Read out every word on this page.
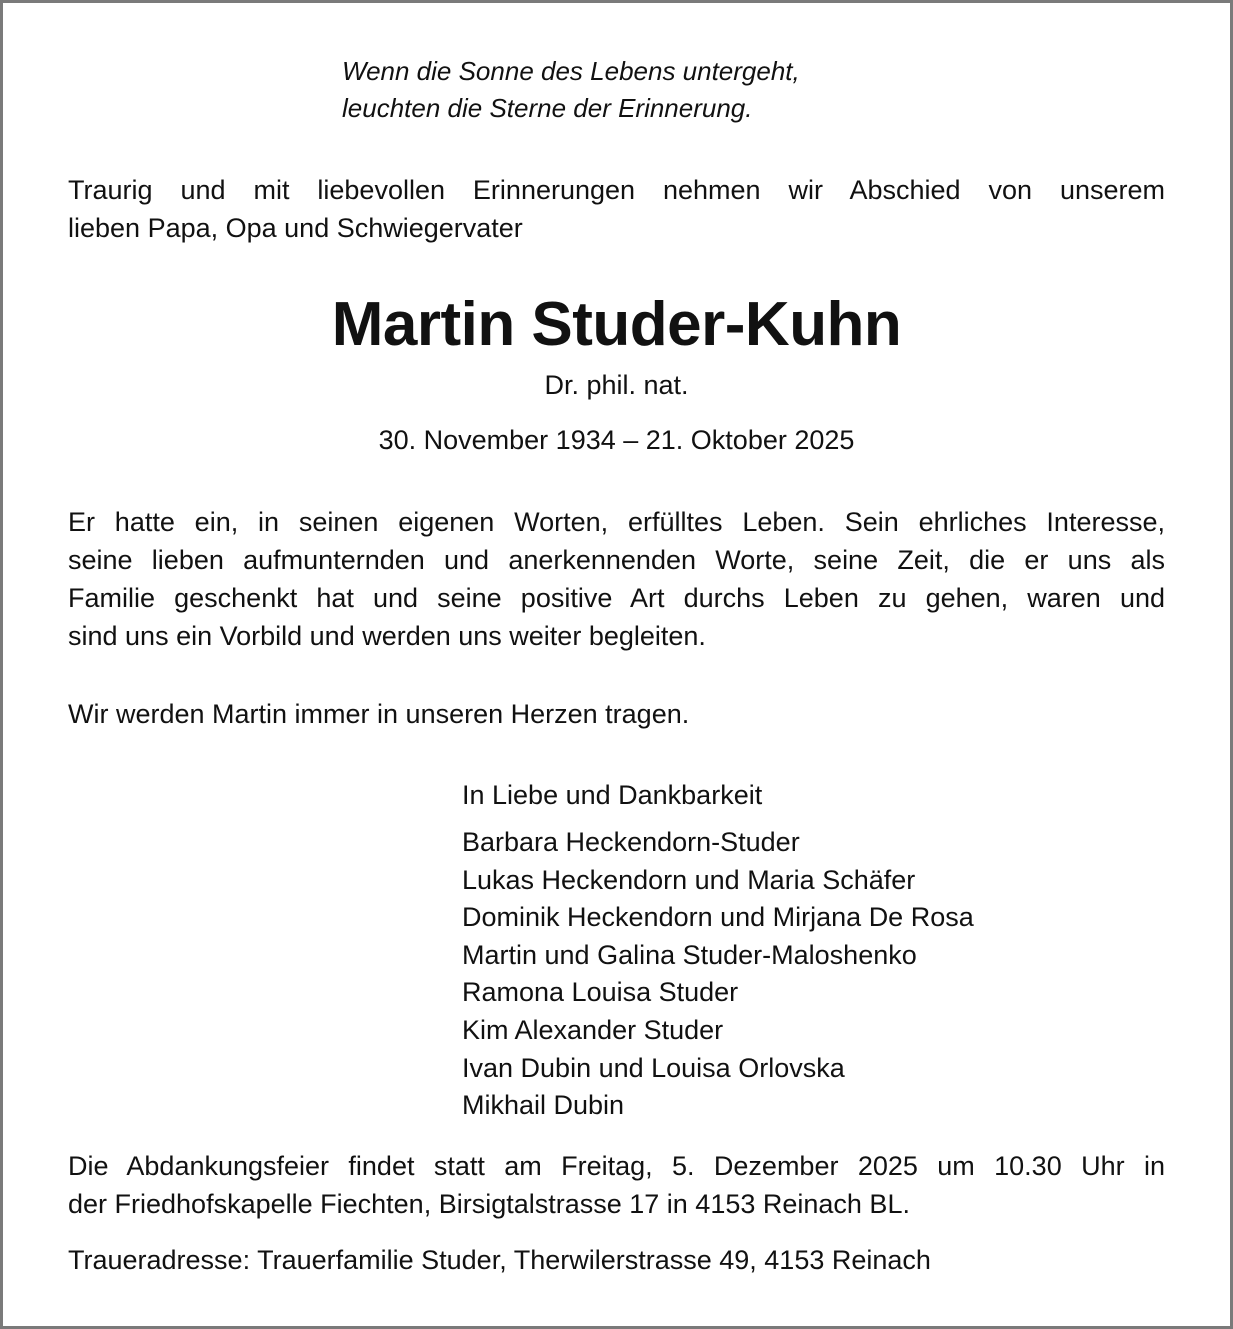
Wenn die Sonne des Lebens untergeht,
leuchten die Sterne der Erinnerung.
Traurig und mit liebevollen Erinnerungen nehmen wir Abschied von unserem
lieben Papa, Opa und Schwiegervater
Martin Studer-Kuhn
Dr. phil. nat.
30. November 1934 – 21. Oktober 2025
Er hatte ein, in seinen eigenen Worten, erfülltes Leben. Sein ehrliches Interesse,
seine lieben aufmunternden und anerkennenden Worte, seine Zeit, die er uns als
Familie geschenkt hat und seine positive Art durchs Leben zu gehen, waren und
sind uns ein Vorbild und werden uns weiter begleiten.
Wir werden Martin immer in unseren Herzen tragen.
In Liebe und Dankbarkeit
Barbara Heckendorn-Studer
Lukas Heckendorn und Maria Schäfer
Dominik Heckendorn und Mirjana De Rosa
Martin und Galina Studer-Maloshenko
Ramona Louisa Studer
Kim Alexander Studer
Ivan Dubin und Louisa Orlovska
Mikhail Dubin
Die Abdankungsfeier findet statt am Freitag, 5. Dezember 2025 um 10.30 Uhr in
der Friedhofskapelle Fiechten, Birsigtalstrasse 17 in 4153 Reinach BL.
Traueradresse: Trauerfamilie Studer, Therwilerstrasse 49, 4153 Reinach
